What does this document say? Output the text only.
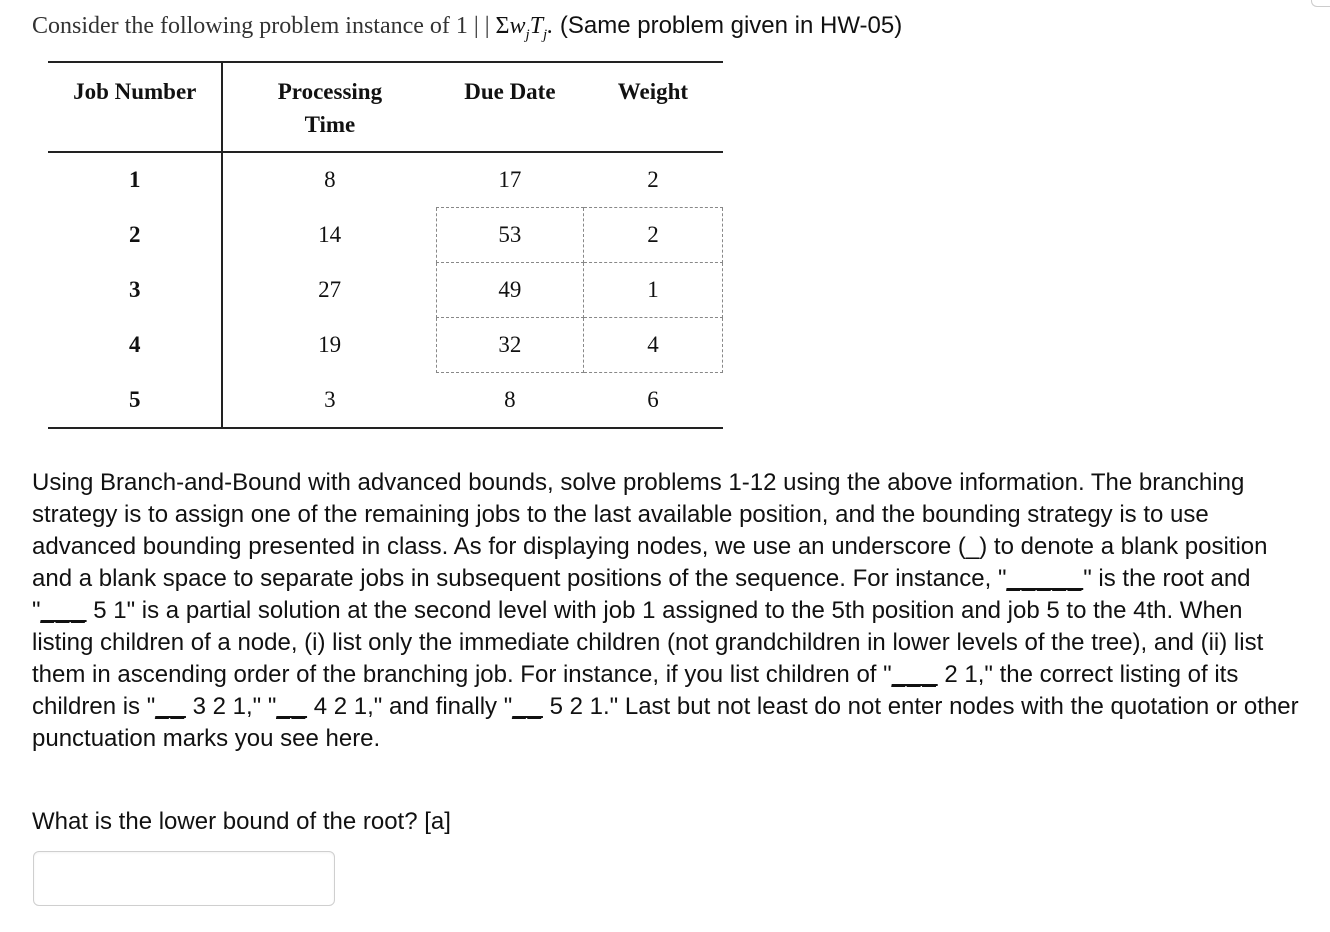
Consider the following problem instance of 1 | | $\Sigma w_jT_j$. (Same problem given in HW-05)
Job Number	Processing Time	Due Date	Weight
1	8	17	2
2	14	53	2
3	27	49	1
4	19	32	4
5	3	8	6
Using Branch-and-Bound with advanced bounds, solve problems 1-12 using the above information. The branching strategy is to assign one of the remaining jobs to the last available position, and the bounding strategy is to use advanced bounding presented in class. As for displaying nodes, we use an underscore (_) to denote a blank position and a blank space to separate jobs in subsequent positions of the sequence. For instance, "_____" is the root and "___ 5 1" is a partial solution at the second level with job 1 assigned to the 5th position and job 5 to the 4th. When listing children of a node, (i) list only the immediate children (not grandchildren in lower levels of the tree), and (ii) list them in ascending order of the branching job. For instance, if you list children of "___ 2 1," the correct listing of its children is "__ 3 2 1," "__ 4 2 1," and finally "__ 5 2 1." Last but not least do not enter nodes with the quotation or other punctuation marks you see here.
What is the lower bound of the root? [a]
